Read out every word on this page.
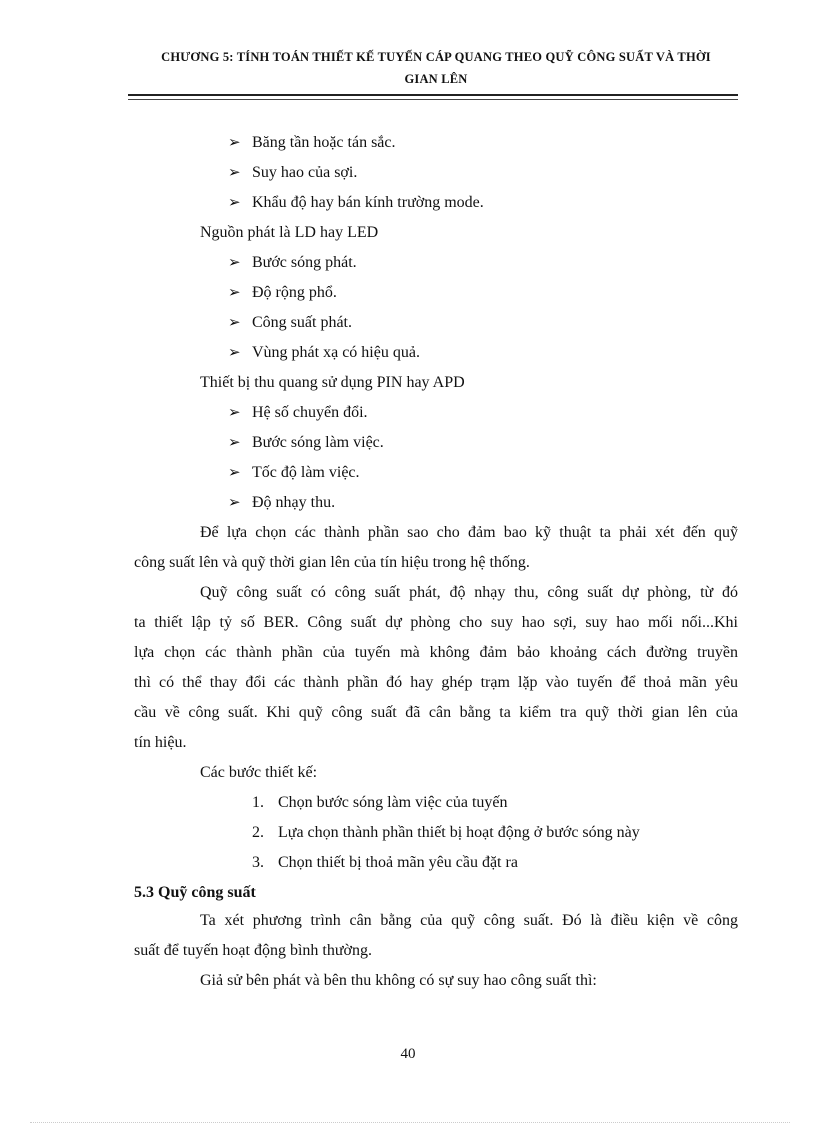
CHƯƠNG 5: TÍNH TOÁN THIẾT KẾ TUYẾN CÁP QUANG THEO QUỸ CÔNG SUẤT VÀ THỜI
GIAN LÊN
➢ Băng tần hoặc tán sắc.
➢ Suy hao của sợi.
➢ Khẩu độ hay bán kính trường mode.
Nguồn phát là LD hay LED
➢ Bước sóng phát.
➢ Độ rộng phổ.
➢ Công suất phát.
➢ Vùng phát xạ có hiệu quả.
Thiết bị thu quang sử dụng PIN hay APD
➢ Hệ số chuyển đổi.
➢ Bước sóng làm việc.
➢ Tốc độ làm việc.
➢ Độ nhạy thu.
Để lựa chọn các thành phần sao cho đảm bao kỹ thuật ta phải xét đến quỹ
công suất lên và quỹ thời gian lên của tín hiệu trong hệ thống.
Quỹ công suất có công suất phát, độ nhạy thu, công suất dự phòng, từ đó
ta thiết lập tỷ số BER. Công suất dự phòng cho suy hao sợi, suy hao mối nối...Khi
lựa chọn các thành phần của tuyến mà không đảm bảo khoảng cách đường truyền
thì có thể thay đổi các thành phần đó hay ghép trạm lặp vào tuyến để thoả mãn yêu
cầu về công suất. Khi quỹ công suất đã cân bằng ta kiểm tra quỹ thời gian lên của
tín hiệu.
Các bước thiết kế:
1. Chọn bước sóng làm việc của tuyến
2. Lựa chọn thành phần thiết bị hoạt động ở bước sóng này
3. Chọn thiết bị thoả mãn yêu cầu đặt ra
5.3 Quỹ công suất
Ta xét phương trình cân bằng của quỹ công suất. Đó là điều kiện về công
suất để tuyến hoạt động bình thường.
Giả sử bên phát và bên thu không có sự suy hao công suất thì:
40
